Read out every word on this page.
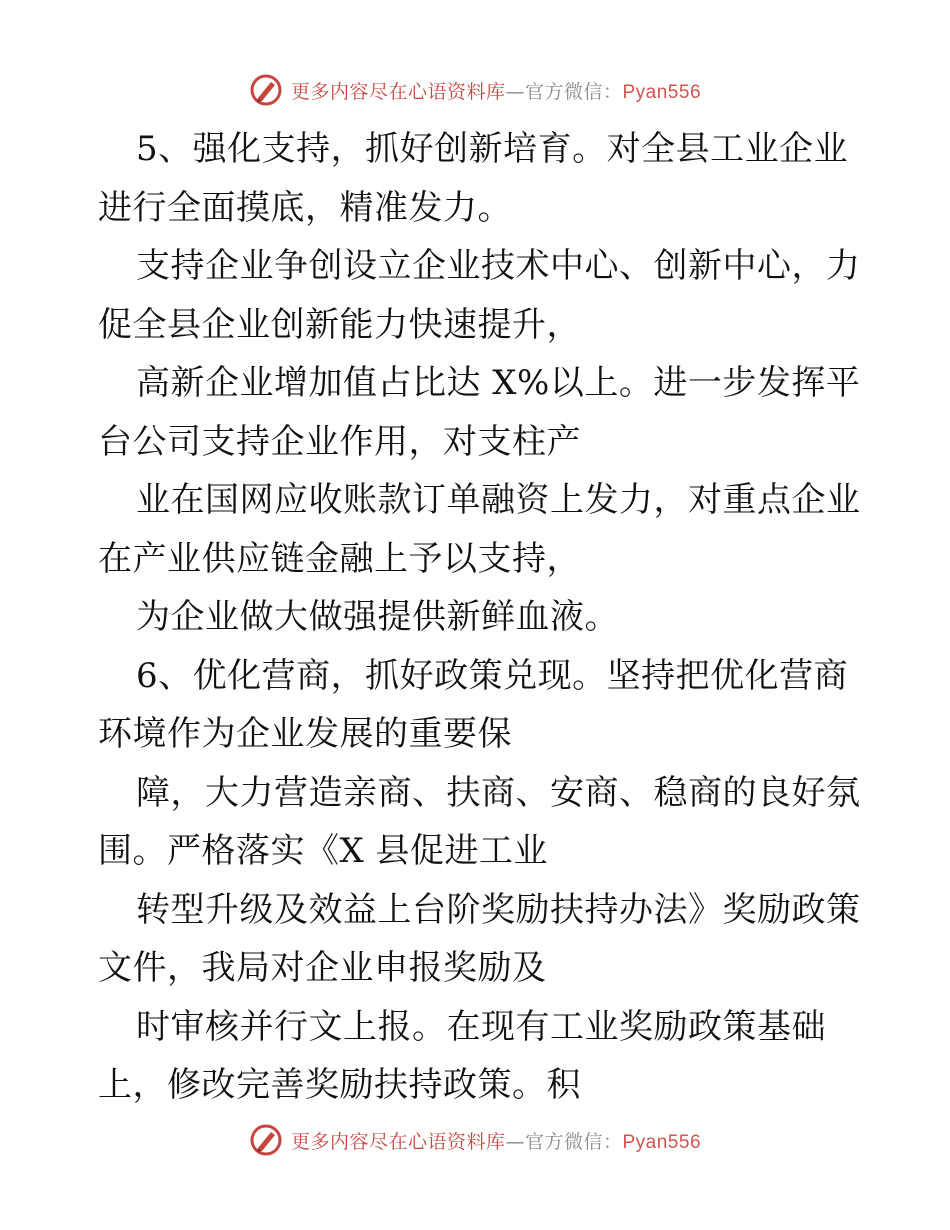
更多内容尽在心语资料库—官方微信：Pyan556

5、强化支持，抓好创新培育。对全县工业企业
进行全面摸底，精准发力。

支持企业争创设立企业技术中心、创新中心，力
促全县企业创新能力快速提升，

高新企业增加值占比达 X%以上。进一步发挥平
台公司支持企业作用，对支柱产

业在国网应收账款订单融资上发力，对重点企业
在产业供应链金融上予以支持，

为企业做大做强提供新鲜血液。

6、优化营商，抓好政策兑现。坚持把优化营商
环境作为企业发展的重要保

障，大力营造亲商、扶商、安商、稳商的良好氛
围。严格落实《X 县促进工业

转型升级及效益上台阶奖励扶持办法》奖励政策
文件，我局对企业申报奖励及

时审核并行文上报。在现有工业奖励政策基础
上，修改完善奖励扶持政策。积

更多内容尽在心语资料库—官方微信：Pyan556
